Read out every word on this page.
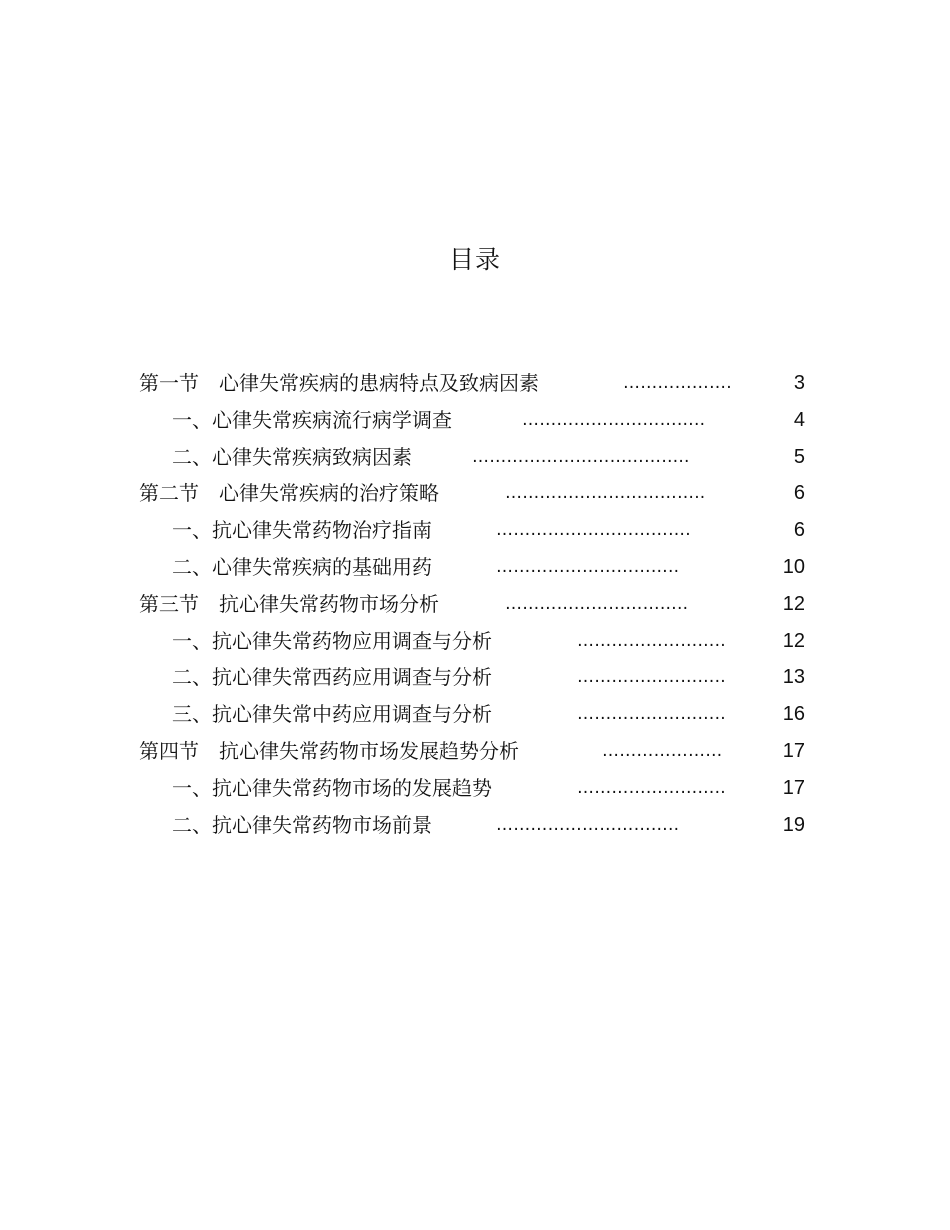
目录
第一节 心律失常疾病的患病特点及致病因素	……………….	3
一、心律失常疾病流行病学调查	…………………………..	4
二、心律失常疾病致病因素	………………………………..	5
第二节 心律失常疾病的治疗策略	……………………………..	6
一、抗心律失常药物治疗指南	…………………………….	6
二、心律失常疾病的基础用药	…………………………..	10
第三节 抗心律失常药物市场分析	…………………………..	12
一、抗心律失常药物应用调查与分析	……………………..	12
二、抗心律失常西药应用调查与分析	……………………..	13
三、抗心律失常中药应用调查与分析	……………………..	16
第四节 抗心律失常药物市场发展趋势分析	…………………	17
一、抗心律失常药物市场的发展趋势	……………………..	17
二、抗心律失常药物市场前景	…………………………..	19
